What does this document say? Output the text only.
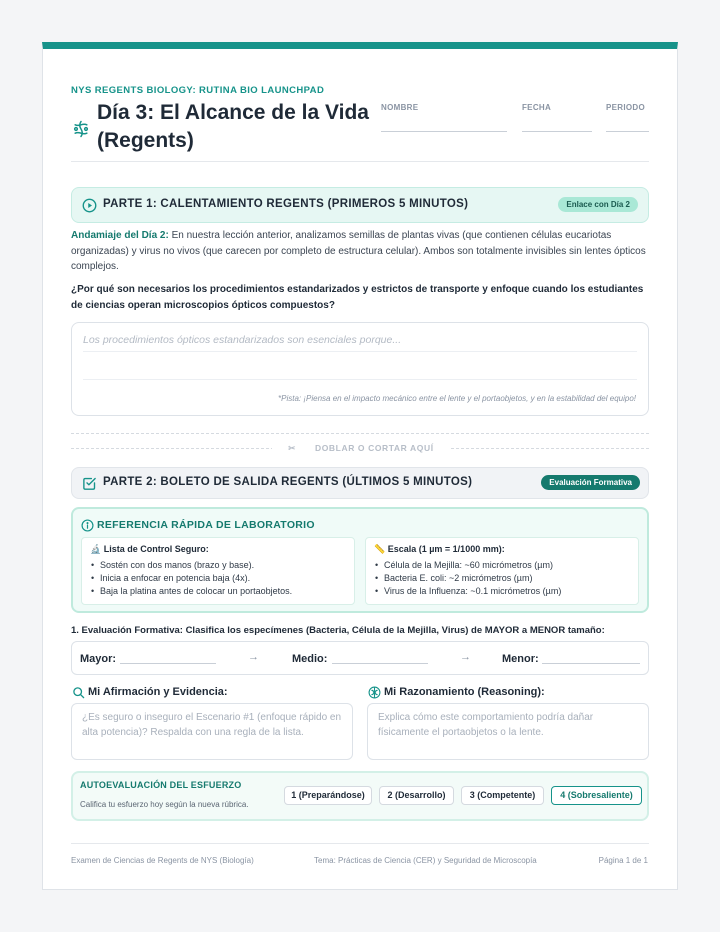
NYS REGENTS BIOLOGY: RUTINA BIO LAUNCHPAD
Día 3: El Alcance de la Vida (Regents)
NOMBRE	FECHA	PERIODO
PARTE 1: CALENTAMIENTO REGENTS (PRIMEROS 5 MINUTOS)	Enlace con Día 2
Andamiaje del Día 2: En nuestra lección anterior, analizamos semillas de plantas vivas (que contienen células eucariotas organizadas) y virus no vivos (que carecen por completo de estructura celular). Ambos son totalmente invisibles sin lentes ópticos complejos.
¿Por qué son necesarios los procedimientos estandarizados y estrictos de transporte y enfoque cuando los estudiantes de ciencias operan microscopios ópticos compuestos?
Los procedimientos ópticos estandarizados son esenciales porque...
*Pista: ¡Piensa en el impacto mecánico entre el lente y el portaobjetos, y en la estabilidad del equipo!
✂ DOBLAR O CORTAR AQUÍ
PARTE 2: BOLETO DE SALIDA REGENTS (ÚLTIMOS 5 MINUTOS)	Evaluación Formativa
REFERENCIA RÁPIDA DE LABORATORIO
🔬 Lista de Control Seguro:
• Sostén con dos manos (brazo y base).
• Inicia a enfocar en potencia baja (4x).
• Baja la platina antes de colocar un portaobjetos.
📏 Escala (1 µm = 1/1000 mm):
• Célula de la Mejilla: ~60 micrómetros (µm)
• Bacteria E. coli: ~2 micrómetros (µm)
• Virus de la Influenza: ~0.1 micrómetros (µm)
1. Evaluación Formativa: Clasifica los especímenes (Bacteria, Célula de la Mejilla, Virus) de MAYOR a MENOR tamaño:
Mayor:	→	Medio:	→	Menor:
Mi Afirmación y Evidencia:
¿Es seguro o inseguro el Escenario #1 (enfoque rápido en alta potencia)? Respalda con una regla de la lista.
Mi Razonamiento (Reasoning):
Explica cómo este comportamiento podría dañar físicamente el portaobjetos o la lente.
AUTOEVALUACIÓN DEL ESFUERZO
Califica tu esfuerzo hoy según la nueva rúbrica.
1 (Preparándose)	2 (Desarrollo)	3 (Competente)	4 (Sobresaliente)
Examen de Ciencias de Regents de NYS (Biología)	Tema: Prácticas de Ciencia (CER) y Seguridad de Microscopía	Página 1 de 1
